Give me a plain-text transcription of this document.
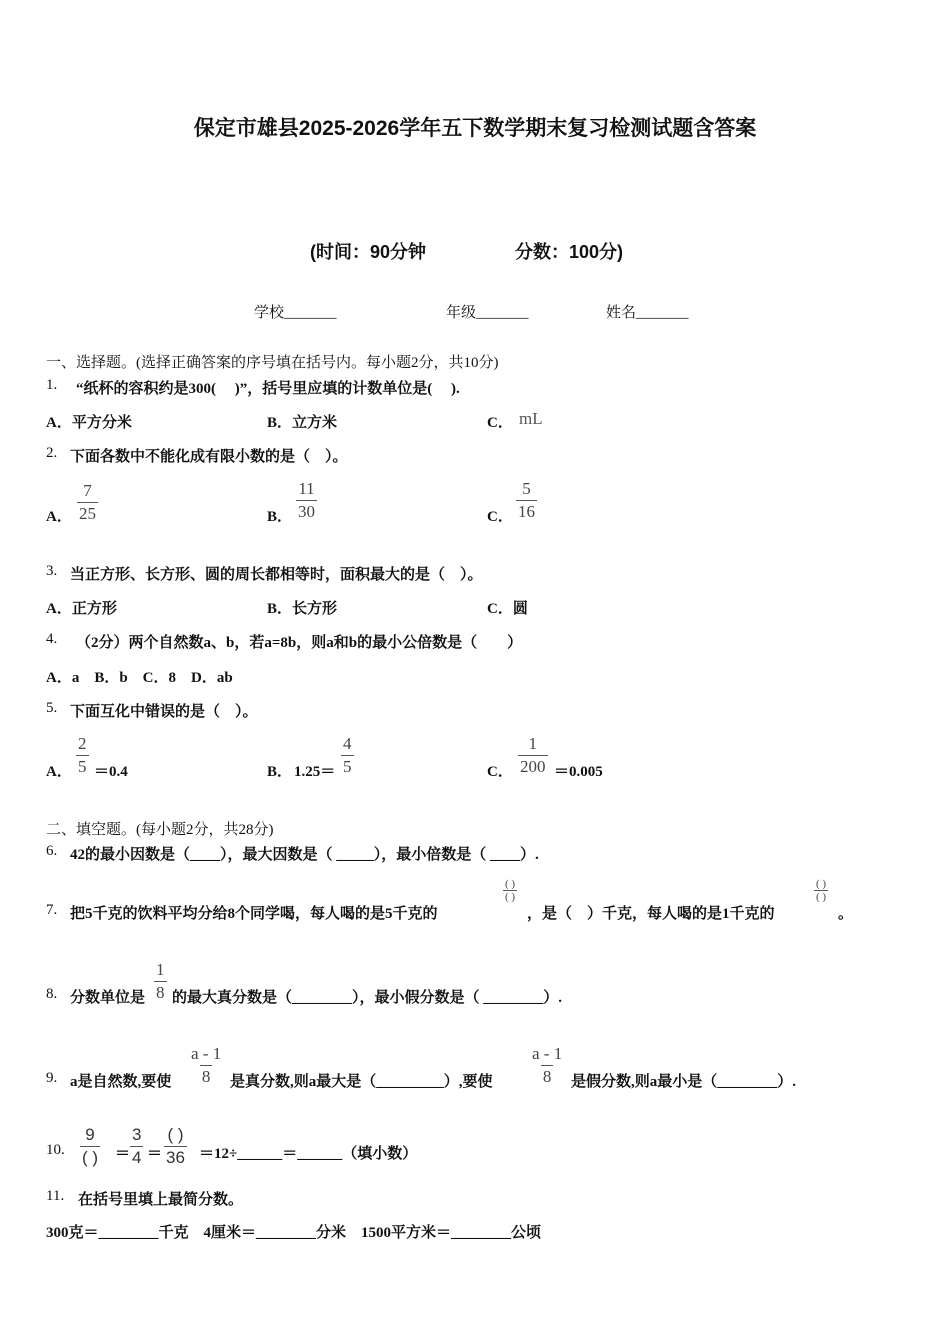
保定市雄县2025-2026学年五下数学期末复习检测试题含答案
(时间：90分钟	分数：100分)
学校_______	年级_______	姓名_______
一、选择题。(选择正确答案的序号填在括号内。每小题2分，共10分)
1. “纸杯的容积约是300(　 )”，括号里应填的计数单位是(　 ).
A．平方分米	B．立方米	C． mL
2. 下面各数中不能化成有限小数的是（　）。
A． $\frac{7}{25}$	B． $\frac{11}{30}$	C． $\frac{5}{16}$
3. 当正方形、长方形、圆的周长都相等时，面积最大的是（　）。
A．正方形	B．长方形	C．圆
4. （2分）两个自然数a、b，若a=8b，则a和b的最小公倍数是（　　）
A．a　B．b　C．8　D．ab
5. 下面互化中错误的是（　）。
A． $\frac{2}{5} =0.4$	B． $1.25= \frac{4}{5}$	C． $\frac{1}{200} =0.005$
二、填空题。(每小题2分，共28分)
6. 42的最小因数是（____），最大因数是（ _____），最小倍数是（ ____）.
7. 把5千克的饮料平均分给8个同学喝，每人喝的是5千克的
( )
( )
，是（　）千克，每人喝的是1千克的
( )
( )
。
8. 分数单位是 $\frac{1}{8}$ 的最大真分数是（________），最小假分数是（ ________）.
9. a是自然数,要使 $\frac{a - 1}{8}$ 是真分数,则a最大是（_________）,要使 $\frac{a - 1}{8}$ 是假分数,则a最小是（________）.
10.
9
( ) ＝ $\frac{3}{4}$ ＝
( )
36 ＝12÷______＝______（填小数）
11. 在括号里填上最简分数。
300克＝________千克　4厘米＝________分米　1500平方米＝________公顷
